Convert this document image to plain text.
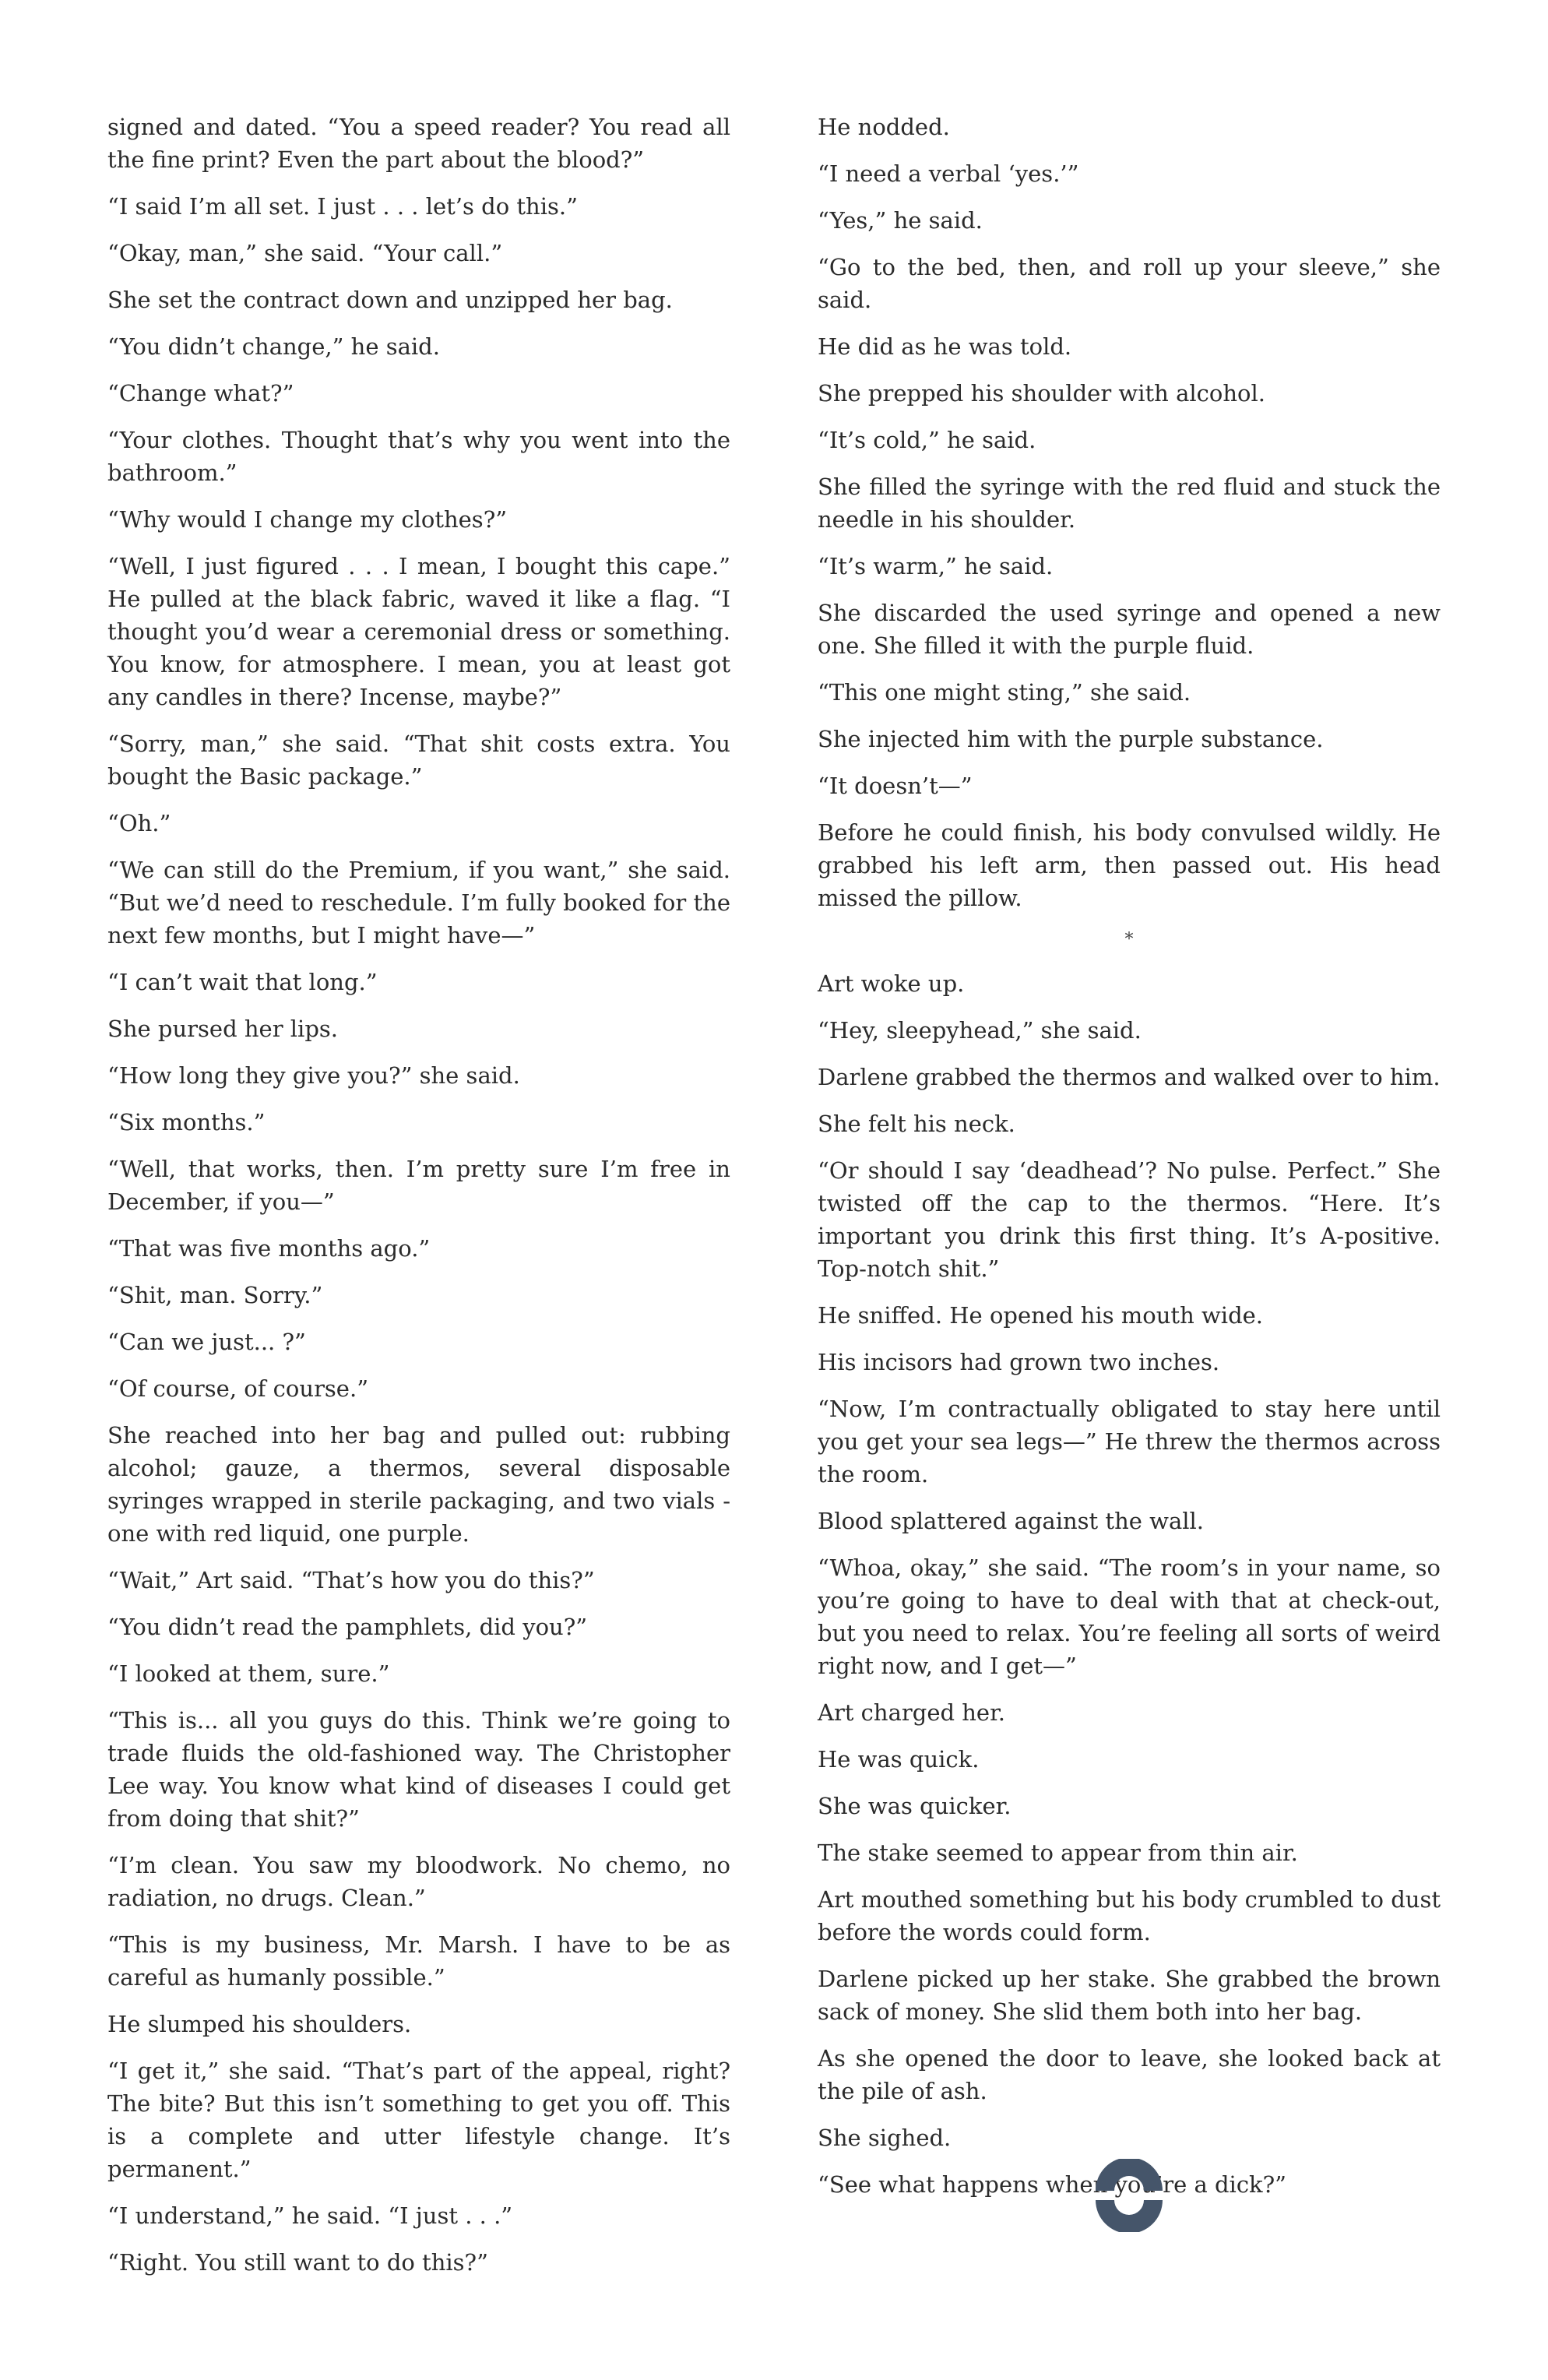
signed and dated. “You a speed reader? You read all the fine print? Even the part about the blood?”

“I said I’m all set. I just . . . let’s do this.”

“Okay, man,” she said. “Your call.”

She set the contract down and unzipped her bag.

“You didn’t change,” he said.

“Change what?”

“Your clothes. Thought that’s why you went into the bathroom.”

“Why would I change my clothes?”

“Well, I just figured . . . I mean, I bought this cape.” He pulled at the black fabric, waved it like a flag. “I thought you’d wear a ceremonial dress or something. You know, for atmosphere. I mean, you at least got any candles in there? Incense, maybe?”

“Sorry, man,” she said. “That shit costs extra. You bought the Basic package.”

“Oh.”

“We can still do the Premium, if you want,” she said. “But we’d need to reschedule. I’m fully booked for the next few months, but I might have—”

“I can’t wait that long.”

She pursed her lips.

“How long they give you?” she said.

“Six months.”

“Well, that works, then. I’m pretty sure I’m free in December, if you—”

“That was five months ago.”

“Shit, man. Sorry.”

“Can we just... ?”

“Of course, of course.”

She reached into her bag and pulled out: rubbing alcohol; gauze, a thermos, several disposable syringes wrapped in sterile packaging, and two vials - one with red liquid, one purple.

“Wait,” Art said. “That’s how you do this?”

“You didn’t read the pamphlets, did you?”

“I looked at them, sure.”

“This is... all you guys do this. Think we’re going to trade fluids the old-fashioned way. The Christopher Lee way. You know what kind of diseases I could get from doing that shit?”

“I’m clean. You saw my bloodwork. No chemo, no radiation, no drugs. Clean.”

“This is my business, Mr. Marsh. I have to be as careful as humanly possible.”

He slumped his shoulders.

“I get it,” she said. “That’s part of the appeal, right? The bite? But this isn’t something to get you off. This is a complete and utter lifestyle change. It’s permanent.”

“I understand,” he said. “I just . . .”

“Right. You still want to do this?”

He nodded.

“I need a verbal ‘yes.’”

“Yes,” he said.

“Go to the bed, then, and roll up your sleeve,” she said.

He did as he was told.

She prepped his shoulder with alcohol.

“It’s cold,” he said.

She filled the syringe with the red fluid and stuck the needle in his shoulder.

“It’s warm,” he said.

She discarded the used syringe and opened a new one. She filled it with the purple fluid.

“This one might sting,” she said.

She injected him with the purple substance.

“It doesn’t—”

Before he could finish, his body convulsed wildly. He grabbed his left arm, then passed out. His head missed the pillow.

*

Art woke up.

“Hey, sleepyhead,” she said.

Darlene grabbed the thermos and walked over to him.

She felt his neck.

“Or should I say ‘deadhead’? No pulse. Perfect.” She twisted off the cap to the thermos. “Here. It’s important you drink this first thing. It’s A-positive. Top-notch shit.”

He sniffed. He opened his mouth wide.

His incisors had grown two inches.

“Now, I’m contractually obligated to stay here until you get your sea legs—” He threw the thermos across the room.

Blood splattered against the wall.

“Whoa, okay,” she said. “The room’s in your name, so you’re going to have to deal with that at check-out, but you need to relax. You’re feeling all sorts of weird right now, and I get—”

Art charged her.

He was quick.

She was quicker.

The stake seemed to appear from thin air.

Art mouthed something but his body crumbled to dust before the words could form.

Darlene picked up her stake. She grabbed the brown sack of money. She slid them both into her bag.

As she opened the door to leave, she looked back at the pile of ash.

She sighed.

“See what happens when you’re a dick?”
